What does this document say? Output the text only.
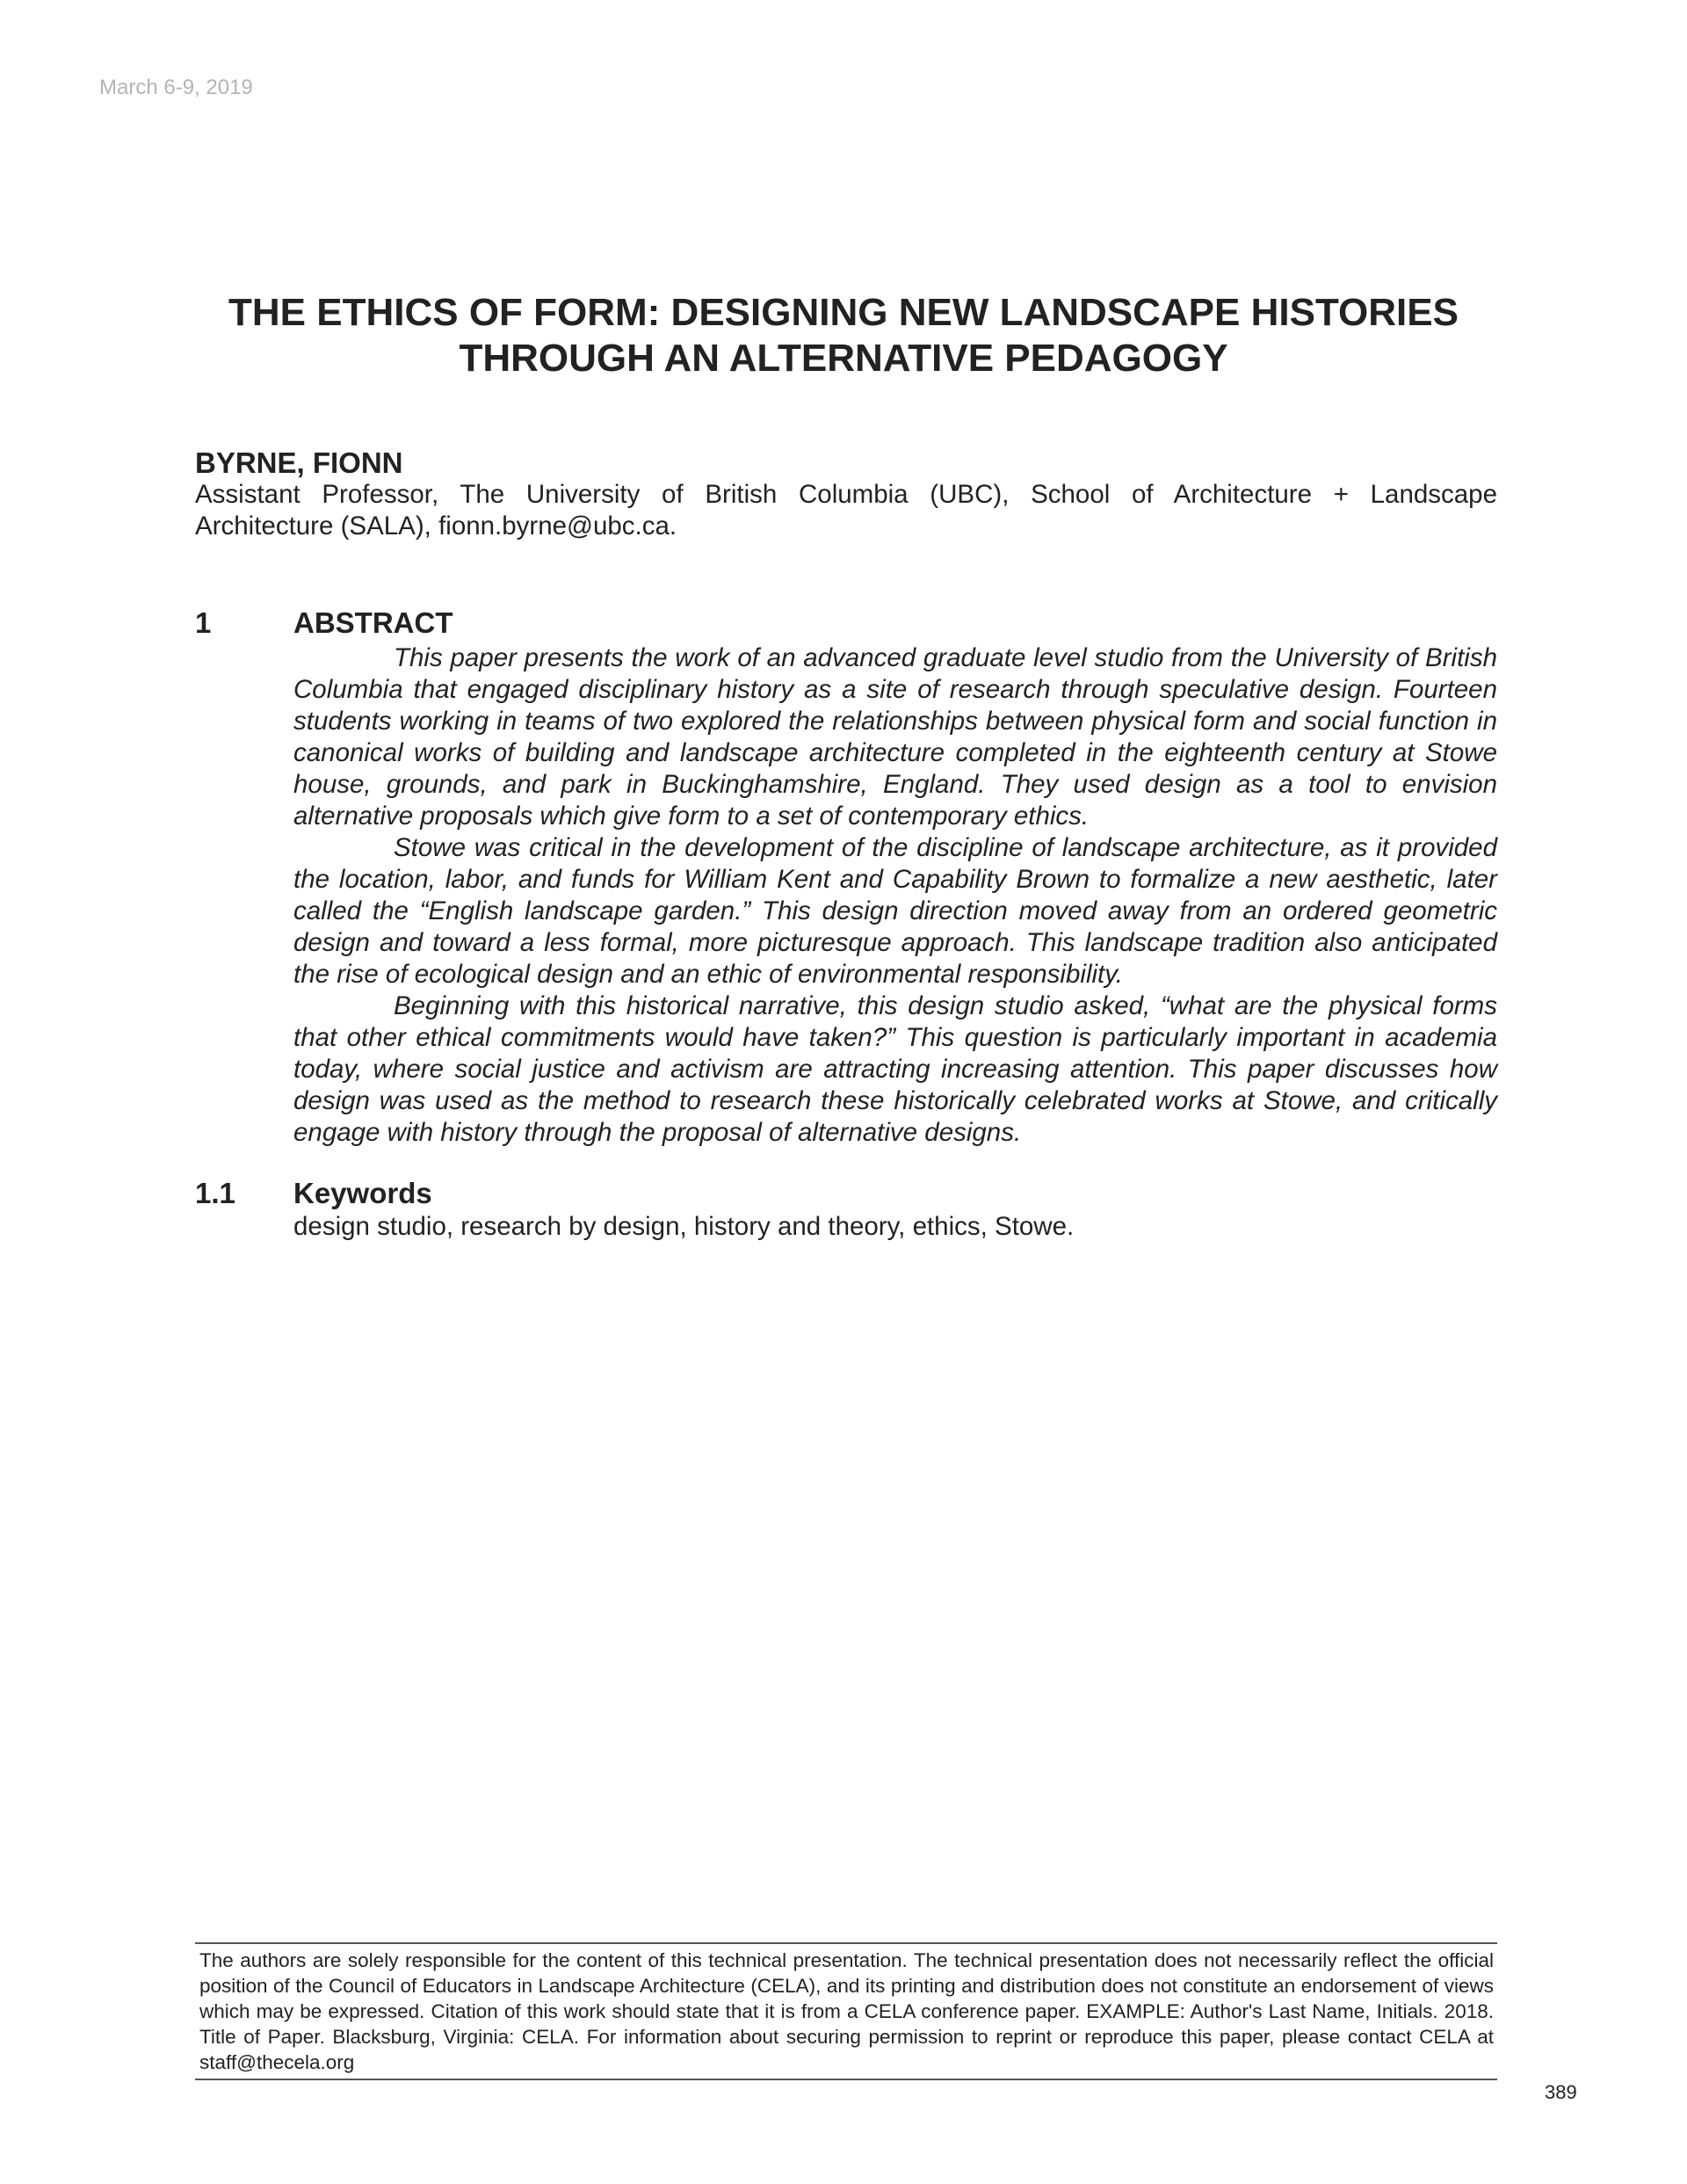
March 6-9, 2019
THE ETHICS OF FORM: DESIGNING NEW LANDSCAPE HISTORIES
THROUGH AN ALTERNATIVE PEDAGOGY
BYRNE, FIONN
Assistant Professor, The University of British Columbia (UBC), School of Architecture + Landscape
Architecture (SALA), fionn.byrne@ubc.ca.
1	ABSTRACT

This paper presents the work of an advanced graduate level studio from the University of British Columbia that engaged disciplinary history as a site of research through speculative design. Fourteen students working in teams of two explored the relationships between physical form and social function in canonical works of building and landscape architecture completed in the eighteenth century at Stowe house, grounds, and park in Buckinghamshire, England. They used design as a tool to envision alternative proposals which give form to a set of contemporary ethics.

Stowe was critical in the development of the discipline of landscape architecture, as it provided the location, labor, and funds for William Kent and Capability Brown to formalize a new aesthetic, later called the “English landscape garden.” This design direction moved away from an ordered geometric design and toward a less formal, more picturesque approach. This landscape tradition also anticipated the rise of ecological design and an ethic of environmental responsibility.

Beginning with this historical narrative, this design studio asked, “what are the physical forms that other ethical commitments would have taken?” This question is particularly important in academia today, where social justice and activism are attracting increasing attention. This paper discusses how design was used as the method to research these historically celebrated works at Stowe, and critically engage with history through the proposal of alternative designs.

1.1 Keywords
design studio, research by design, history and theory, ethics, Stowe.
The authors are solely responsible for the content of this technical presentation. The technical presentation does not necessarily reflect the official position of the Council of Educators in Landscape Architecture (CELA), and its printing and distribution does not constitute an endorsement of views which may be expressed. Citation of this work should state that it is from a CELA conference paper. EXAMPLE: Author's Last Name, Initials. 2018. Title of Paper. Blacksburg, Virginia: CELA. For information about securing permission to reprint or reproduce this paper, please contact CELA at staff@thecela.org
389
